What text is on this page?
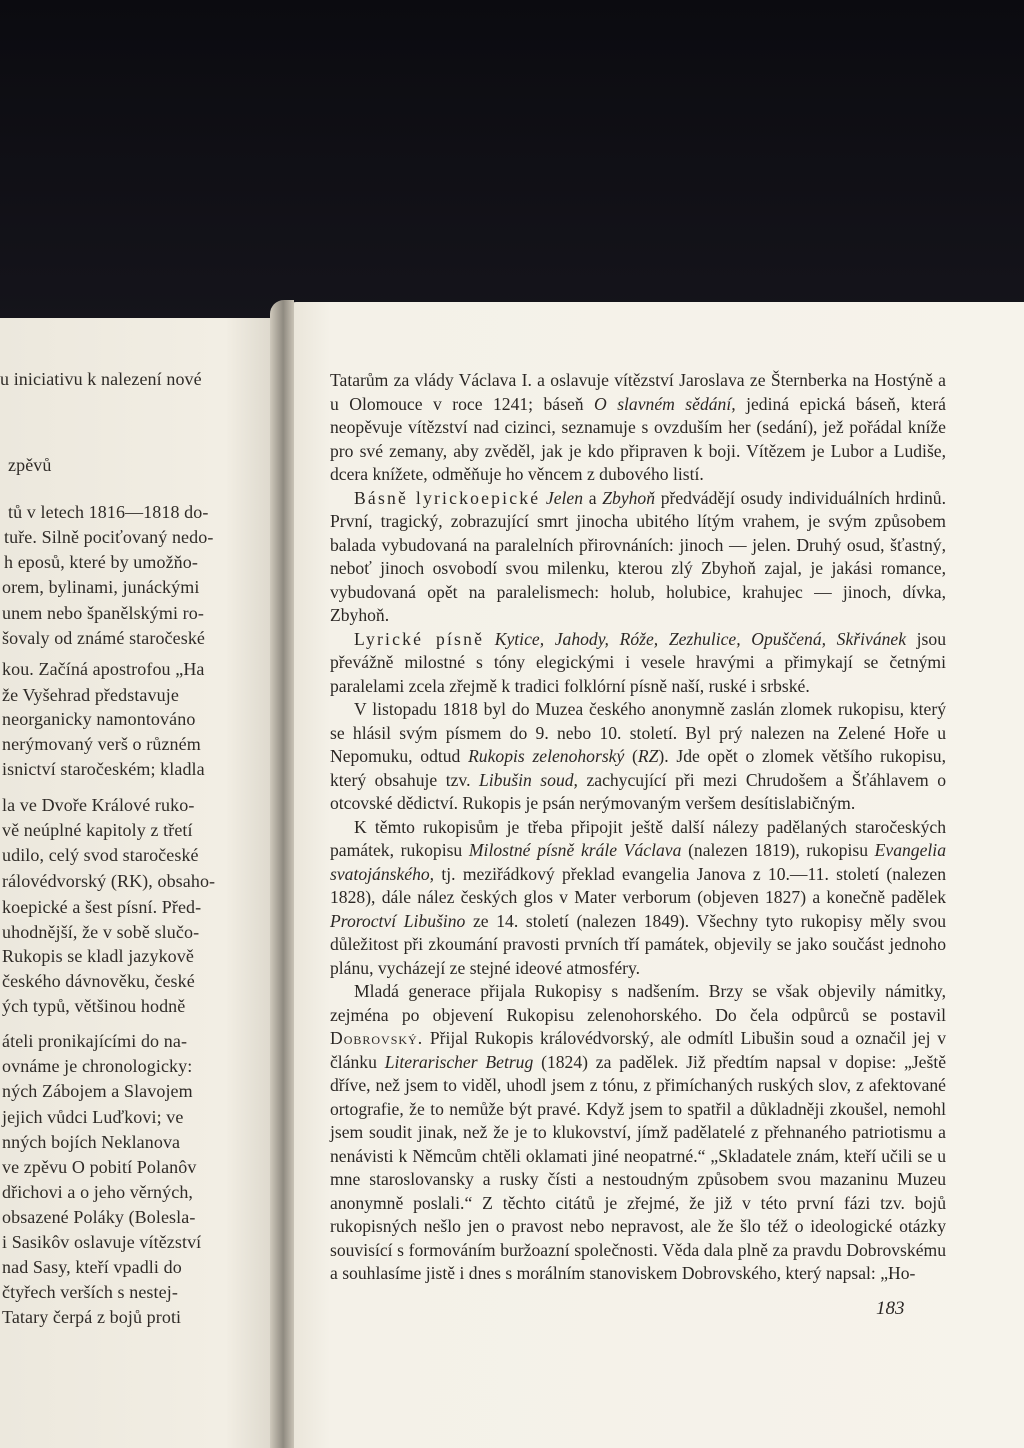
u iniciativu k nalezení nové
zpěvů
tů v letech 1816—1818 do-
tuře. Silně pociťovaný nedo-
h eposů, které by umožňo-
orem, bylinami, junáckými
unem nebo španělskými ro-
šovaly od známé staročeské
kou. Začíná apostrofou „Ha
že Vyšehrad představuje
neorganicky namontováno
nerýmovaný verš o různém
isnictví staročeském; kladla
la ve Dvoře Králové ruko-
vě neúplné kapitoly z třetí
udilo, celý svod staročeské
rálovédvorský (RK), obsaho-
koepické a šest písní. Před-
uhodnější, že v sobě slučo-
Rukopis se kladl jazykově
českého dávnověku, české
ých typů, většinou hodně
áteli pronikajícími do na-
ovnáme je chronologicky:
ných Zábojem a Slavojem
jejich vůdci Luďkovi; ve
nných bojích Neklanova
ve zpěvu O pobití Polanôv
dřichovi a o jeho věrných,
obsazené Poláky (Bolesla-
i Sasikôv oslavuje vítězství
nad Sasy, kteří vpadli do
čtyřech verších s nestej-
Tatary čerpá z bojů proti

Tatarům za vlády Václava I. a oslavuje vítězství Jaroslava ze Šternberka na Hostýně a u Olomouce v roce 1241; báseň O slavném sědání, jediná epická báseň, která neopěvuje vítězství nad cizinci, seznamuje s ovzduším her (sedání), jež pořádal kníže pro své zemany, aby zvěděl, jak je kdo připraven k boji. Vítězem je Lubor a Ludiše, dcera knížete, odměňuje ho věncem z dubového listí.

Básně lyrickoepické Jelen a Zbyhoň předvádějí osudy individuálních hrdinů. První, tragický, zobrazující smrt jinocha ubitého lítým vrahem, je svým způsobem balada vybudovaná na paralelních přirovnáních: jinoch — jelen. Druhý osud, šťastný, neboť jinoch osvobodí svou milenku, kterou zlý Zbyhoň zajal, je jakási romance, vybudovaná opět na paralelismech: holub, holubice, krahujec — jinoch, dívka, Zbyhoň.

Lyrické písně Kytice, Jahody, Róže, Zezhulice, Opuščená, Skřivánek jsou převážně milostné s tóny elegickými i vesele hravými a přimykají se četnými paralelami zcela zřejmě k tradici folklórní písně naší, ruské i srbské.

V listopadu 1818 byl do Muzea českého anonymně zaslán zlomek rukopisu, který se hlásil svým písmem do 9. nebo 10. století. Byl prý nalezen na Zelené Hoře u Nepomuku, odtud Rukopis zelenohorský (RZ). Jde opět o zlomek většího rukopisu, který obsahuje tzv. Libušin soud, zachycující při mezi Chrudošem a Šťáhlavem o otcovské dědictví. Rukopis je psán nerýmovaným veršem desítislabičným.

K těmto rukopisům je třeba připojit ještě další nálezy padělaných staročeských památek, rukopisu Milostné písně krále Václava (nalezen 1819), rukopisu Evangelia svatojánského, tj. meziřádkový překlad evangelia Janova z 10.—11. století (nalezen 1828), dále nález českých glos v Mater verborum (objeven 1827) a konečně padělek Proroctví Libušino ze 14. století (nalezen 1849). Všechny tyto rukopisy měly svou důležitost při zkoumání pravosti prvních tří památek, objevily se jako součást jednoho plánu, vycházejí ze stejné ideové atmosféry.

Mladá generace přijala Rukopisy s nadšením. Brzy se však objevily námitky, zejména po objevení Rukopisu zelenohorského. Do čela odpůrců se postavil Dobrovský. Přijal Rukopis královédvorský, ale odmítl Libušin soud a označil jej v článku Literarischer Betrug (1824) za padělek. Již předtím napsal v dopise: „Ještě dříve, než jsem to viděl, uhodl jsem z tónu, z přimíchaných ruských slov, z afektované ortografie, že to nemůže být pravé. Když jsem to spatřil a důkladněji zkoušel, nemohl jsem soudit jinak, než že je to klukovství, jímž padělatelé z přehnaného patriotismu a nenávisti k Němcům chtěli oklamati jiné neopatrné.“ „Skladatele znám, kteří učili se u mne staroslovansky a rusky čísti a nestoudným způsobem svou mazaninu Muzeu anonymně poslali.“ Z těchto citátů je zřejmé, že již v této první fázi tzv. bojů rukopisných nešlo jen o pravost nebo nepravost, ale že šlo též o ideologické otázky souvisící s formováním buržoazní společnosti. Věda dala plně za pravdu Dobrovskému a souhlasíme jistě i dnes s morálním stanoviskem Dobrovského, který napsal: „Ho-

183
